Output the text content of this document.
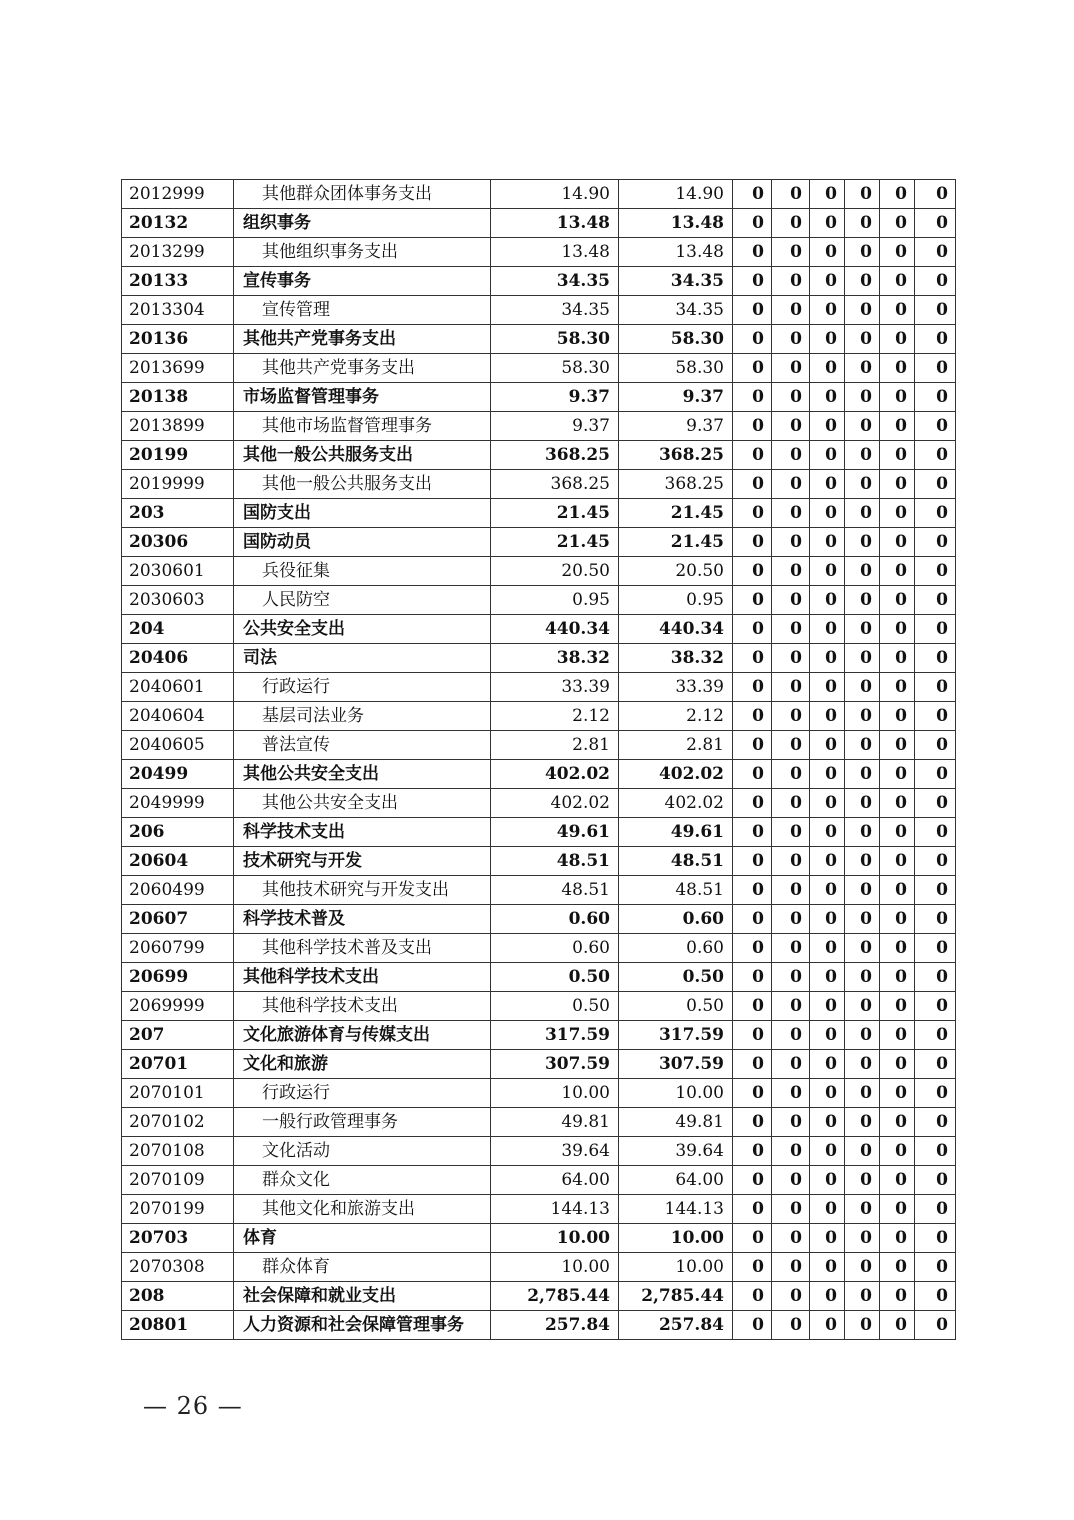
2012999	其他群众团体事务支出	14.90	14.90	0	0	0	0	0	0
20132	组织事务	13.48	13.48	0	0	0	0	0	0
2013299	其他组织事务支出	13.48	13.48	0	0	0	0	0	0
20133	宣传事务	34.35	34.35	0	0	0	0	0	0
2013304	宣传管理	34.35	34.35	0	0	0	0	0	0
20136	其他共产党事务支出	58.30	58.30	0	0	0	0	0	0
2013699	其他共产党事务支出	58.30	58.30	0	0	0	0	0	0
20138	市场监督管理事务	9.37	9.37	0	0	0	0	0	0
2013899	其他市场监督管理事务	9.37	9.37	0	0	0	0	0	0
20199	其他一般公共服务支出	368.25	368.25	0	0	0	0	0	0
2019999	其他一般公共服务支出	368.25	368.25	0	0	0	0	0	0
203	国防支出	21.45	21.45	0	0	0	0	0	0
20306	国防动员	21.45	21.45	0	0	0	0	0	0
2030601	兵役征集	20.50	20.50	0	0	0	0	0	0
2030603	人民防空	0.95	0.95	0	0	0	0	0	0
204	公共安全支出	440.34	440.34	0	0	0	0	0	0
20406	司法	38.32	38.32	0	0	0	0	0	0
2040601	行政运行	33.39	33.39	0	0	0	0	0	0
2040604	基层司法业务	2.12	2.12	0	0	0	0	0	0
2040605	普法宣传	2.81	2.81	0	0	0	0	0	0
20499	其他公共安全支出	402.02	402.02	0	0	0	0	0	0
2049999	其他公共安全支出	402.02	402.02	0	0	0	0	0	0
206	科学技术支出	49.61	49.61	0	0	0	0	0	0
20604	技术研究与开发	48.51	48.51	0	0	0	0	0	0
2060499	其他技术研究与开发支出	48.51	48.51	0	0	0	0	0	0
20607	科学技术普及	0.60	0.60	0	0	0	0	0	0
2060799	其他科学技术普及支出	0.60	0.60	0	0	0	0	0	0
20699	其他科学技术支出	0.50	0.50	0	0	0	0	0	0
2069999	其他科学技术支出	0.50	0.50	0	0	0	0	0	0
207	文化旅游体育与传媒支出	317.59	317.59	0	0	0	0	0	0
20701	文化和旅游	307.59	307.59	0	0	0	0	0	0
2070101	行政运行	10.00	10.00	0	0	0	0	0	0
2070102	一般行政管理事务	49.81	49.81	0	0	0	0	0	0
2070108	文化活动	39.64	39.64	0	0	0	0	0	0
2070109	群众文化	64.00	64.00	0	0	0	0	0	0
2070199	其他文化和旅游支出	144.13	144.13	0	0	0	0	0	0
20703	体育	10.00	10.00	0	0	0	0	0	0
2070308	群众体育	10.00	10.00	0	0	0	0	0	0
208	社会保障和就业支出	2,785.44	2,785.44	0	0	0	0	0	0
20801	人力资源和社会保障管理事务	257.84	257.84	0	0	0	0	0	0
— 26 —
